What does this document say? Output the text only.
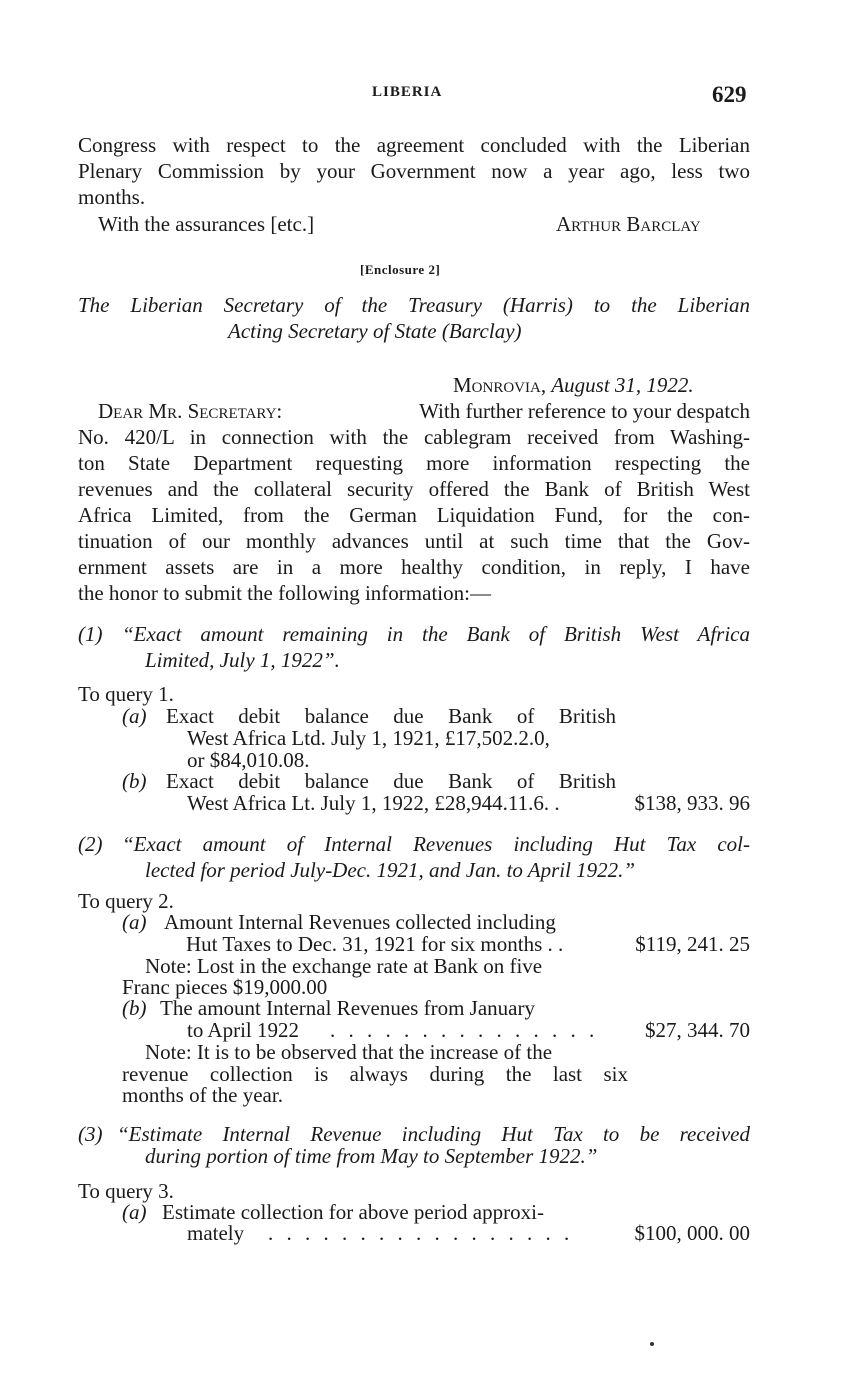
LIBERIA	629
Congress with respect to the agreement concluded with the Liberian
Plenary Commission by your Government now a year ago, less two
months.
With the assurances [etc.]	Arthur Barclay
[Enclosure 2]
The Liberian Secretary of the Treasury (Harris) to the Liberian
Acting Secretary of State (Barclay)
Monrovia, August 31, 1922.
Dear Mr. Secretary:	With further reference to your despatch
No. 420/L in connection with the cablegram received from Washing-
ton State Department requesting more information respecting the
revenues and the collateral security offered the Bank of British West
Africa Limited, from the German Liquidation Fund, for the con-
tinuation of our monthly advances until at such time that the Gov-
ernment assets are in a more healthy condition, in reply, I have
the honor to submit the following information:—
(1) “Exact amount remaining in the Bank of British West Africa
Limited, July 1, 1922”.
To query 1.
(a) Exact debit balance due Bank of British
West Africa Ltd. July 1, 1921, £17,502.2.0,
or $84,010.08.
(b) Exact debit balance due Bank of British
West Africa Lt. July 1, 1922, £28,944.11.6. .	$138, 933. 96
(2) “Exact amount of Internal Revenues including Hut Tax col-
lected for period July-Dec. 1921, and Jan. to April 1922.”
To query 2.
(a) Amount Internal Revenues collected including
Hut Taxes to Dec. 31, 1921 for six months . .	$119, 241. 25
Note: Lost in the exchange rate at Bank on five
Franc pieces $19,000.00
(b) The amount Internal Revenues from January
to April 1922 . . . . . . . . . . . . . . .	$27, 344. 70
Note: It is to be observed that the increase of the
revenue collection is always during the last six
months of the year.
(3) “Estimate Internal Revenue including Hut Tax to be received
during portion of time from May to September 1922.”
To query 3.
(a) Estimate collection for above period approxi-
mately . . . . . . . . . . . . . . . . .	$100, 000. 00
